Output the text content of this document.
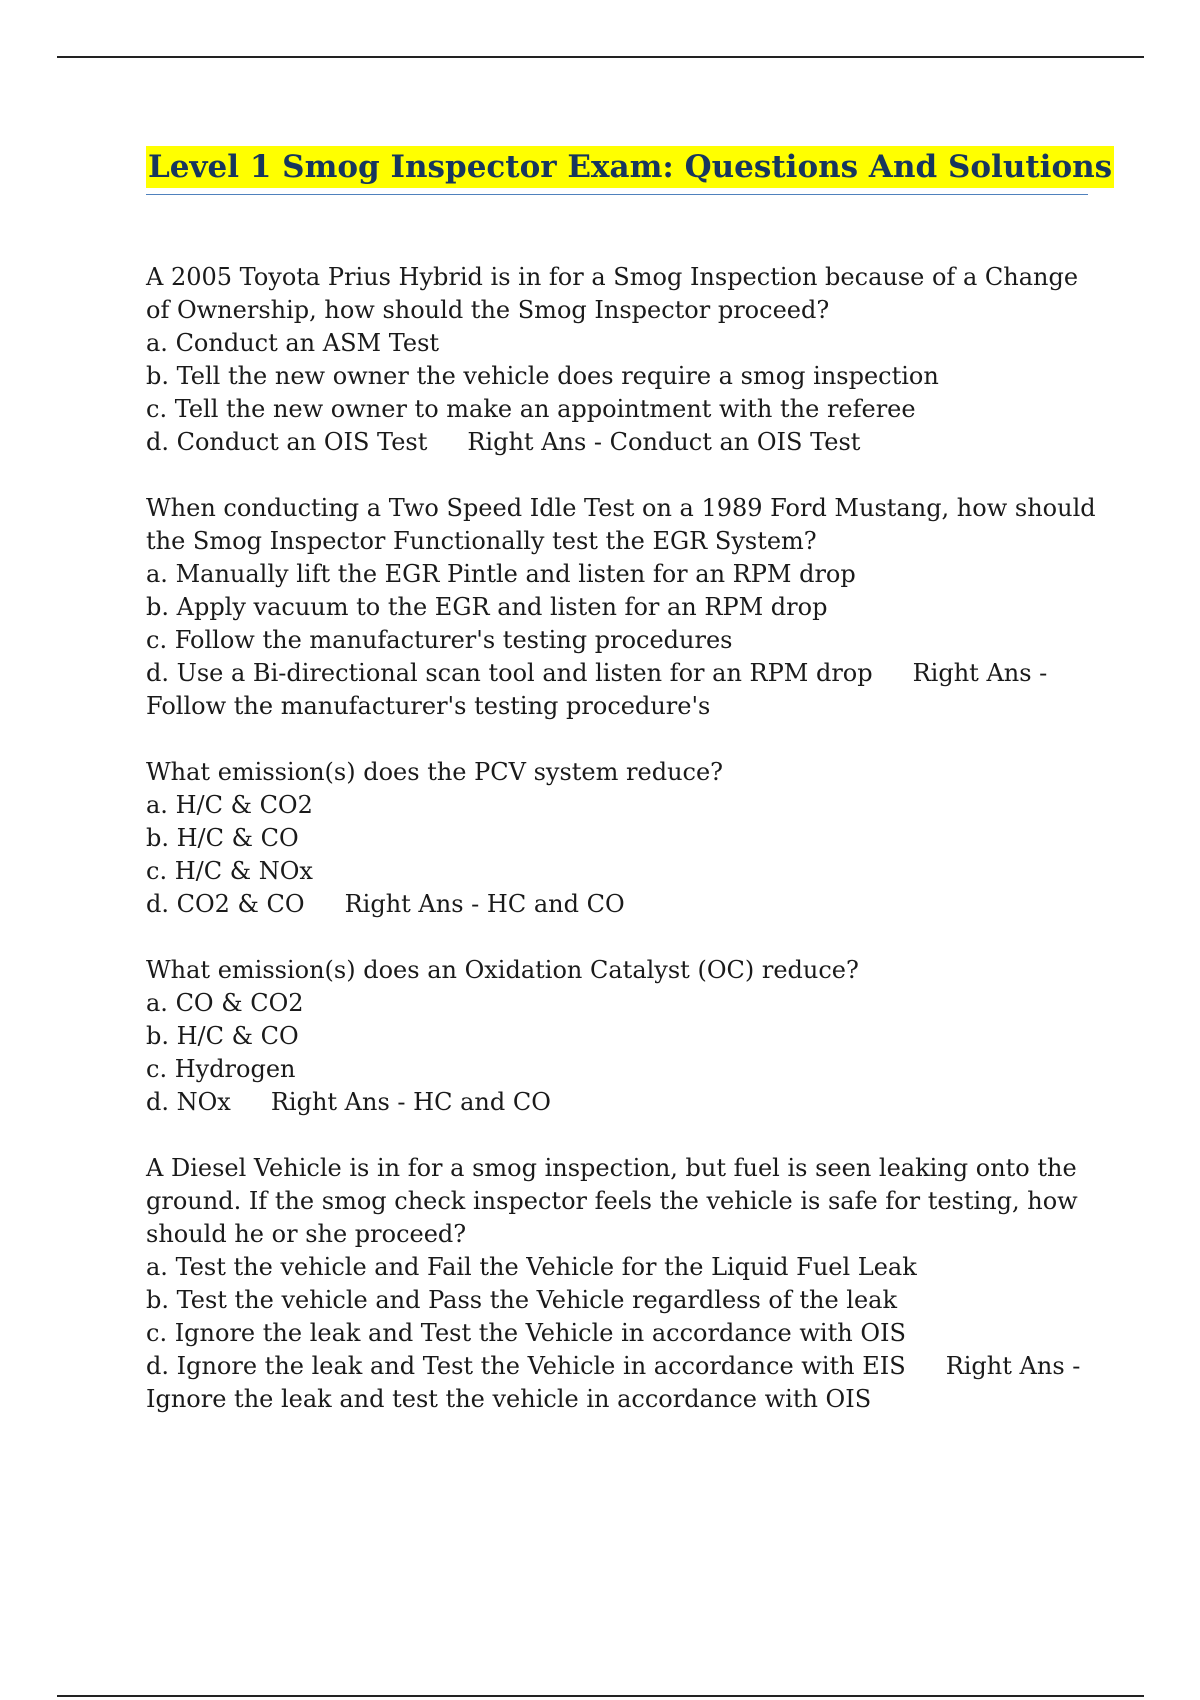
Level 1 Smog Inspector Exam: Questions And Solutions
A 2005 Toyota Prius Hybrid is in for a Smog Inspection because of a Change of Ownership, how should the Smog Inspector proceed?
a. Conduct an ASM Test
b. Tell the new owner the vehicle does require a smog inspection
c. Tell the new owner to make an appointment with the referee
d. Conduct an OIS Test Right Ans - Conduct an OIS Test
When conducting a Two Speed Idle Test on a 1989 Ford Mustang, how should the Smog Inspector Functionally test the EGR System?
a. Manually lift the EGR Pintle and listen for an RPM drop
b. Apply vacuum to the EGR and listen for an RPM drop
c. Follow the manufacturer's testing procedures
d. Use a Bi-directional scan tool and listen for an RPM drop Right Ans - Follow the manufacturer's testing procedure's
What emission(s) does the PCV system reduce?
a. H/C & CO2
b. H/C & CO
c. H/C & NOx
d. CO2 & CO Right Ans - HC and CO
What emission(s) does an Oxidation Catalyst (OC) reduce?
a. CO & CO2
b. H/C & CO
c. Hydrogen
d. NOx Right Ans - HC and CO
A Diesel Vehicle is in for a smog inspection, but fuel is seen leaking onto the ground. If the smog check inspector feels the vehicle is safe for testing, how should he or she proceed?
a. Test the vehicle and Fail the Vehicle for the Liquid Fuel Leak
b. Test the vehicle and Pass the Vehicle regardless of the leak
c. Ignore the leak and Test the Vehicle in accordance with OIS
d. Ignore the leak and Test the Vehicle in accordance with EIS Right Ans - Ignore the leak and test the vehicle in accordance with OIS
